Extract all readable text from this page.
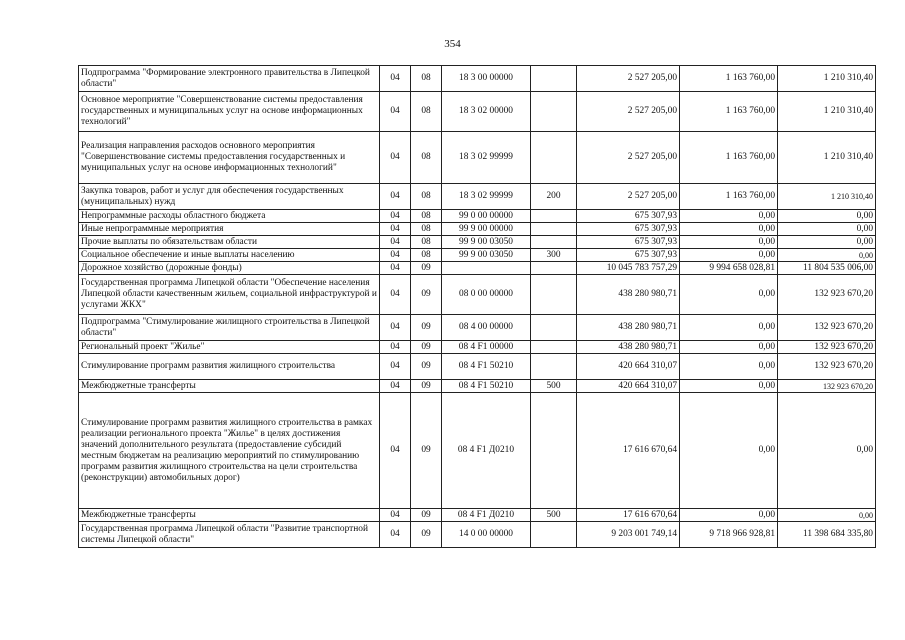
354
Подпрограмма "Формирование электронного правительства в Липецкой области"	04	08	18 3 00 00000		2 527 205,00	1 163 760,00	1 210 310,40
Основное мероприятие "Совершенствование системы предоставления государственных и муниципальных услуг на основе информационных технологий"	04	08	18 3 02 00000		2 527 205,00	1 163 760,00	1 210 310,40
Реализация направления расходов основного мероприятия "Совершенствование системы предоставления государственных и муниципальных услуг на основе информационных технологий"	04	08	18 3 02 99999		2 527 205,00	1 163 760,00	1 210 310,40
Закупка товаров, работ и услуг для обеспечения государственных (муниципальных) нужд	04	08	18 3 02 99999	200	2 527 205,00	1 163 760,00	1 210 310,40
Непрограммные расходы областного бюджета	04	08	99 0 00 00000		675 307,93	0,00	0,00
Иные непрограммные мероприятия	04	08	99 9 00 00000		675 307,93	0,00	0,00
Прочие выплаты по обязательствам области	04	08	99 9 00 03050		675 307,93	0,00	0,00
Социальное обеспечение и иные выплаты населению	04	08	99 9 00 03050	300	675 307,93	0,00	0,00
Дорожное хозяйство (дорожные фонды)	04	09			10 045 783 757,29	9 994 658 028,81	11 804 535 006,00
Государственная программа Липецкой области "Обеспечение населения Липецкой области качественным жильем, социальной инфраструктурой и услугами ЖКХ"	04	09	08 0 00 00000		438 280 980,71	0,00	132 923 670,20
Подпрограмма "Стимулирование жилищного строительства в Липецкой области"	04	09	08 4 00 00000		438 280 980,71	0,00	132 923 670,20
Региональный проект "Жилье"	04	09	08 4 F1 00000		438 280 980,71	0,00	132 923 670,20
Стимулирование программ развития жилищного строительства	04	09	08 4 F1 50210		420 664 310,07	0,00	132 923 670,20
Межбюджетные трансферты	04	09	08 4 F1 50210	500	420 664 310,07	0,00	132 923 670,20
Стимулирование программ развития жилищного строительства в рамках реализации регионального проекта "Жилье" в целях достижения значений дополнительного результата (предоставление субсидий местным бюджетам на реализацию мероприятий по стимулированию программ развития жилищного строительства на цели строительства (реконструкции) автомобильных дорог)	04	09	08 4 F1 Д0210		17 616 670,64	0,00	0,00
Межбюджетные трансферты	04	09	08 4 F1 Д0210	500	17 616 670,64	0,00	0,00
Государственная программа Липецкой области "Развитие транспортной системы Липецкой области"	04	09	14 0 00 00000		9 203 001 749,14	9 718 966 928,81	11 398 684 335,80
